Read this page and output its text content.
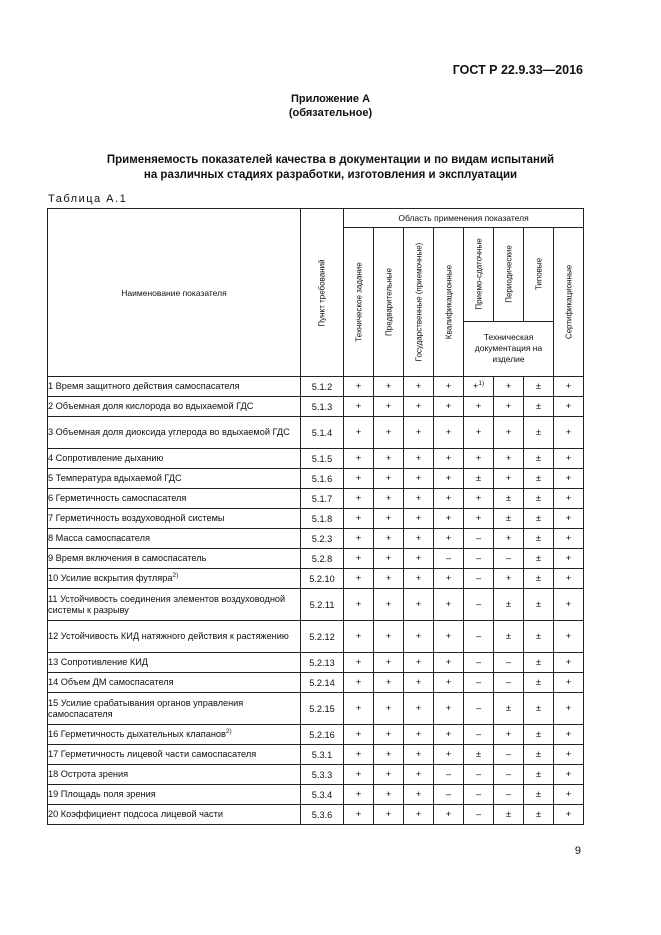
ГОСТ Р 22.9.33—2016
Приложение А
(обязательное)
Применяемость показателей качества в документации и по видам испытаний
на различных стадиях разработки, изготовления и эксплуатации
Таблица А.1
Наименование показателя	Пункт требований	Область применения показателя							

		Техническое задание	Предварительные	Государственные (приемочные)	Квалификационные	Приемо-сдаточные	Периодические	Типовые	Сертификационные

						Техническая документация на изделие			
1 Время защитного действия самоспасателя	5.1.2	+	+	+	+	+$^{1)}$	+	±	+
2 Объемная доля кислорода во вдыхаемой ГДС	5.1.3	+	+	+	+	+	+	±	+
3 Объемная доля диоксида углерода во вдыхаемой ГДС	5.1.4	+	+	+	+	+	+	±	+
4 Сопротивление дыханию	5.1.5	+	+	+	+	+	+	±	+
5 Температура вдыхаемой ГДС	5.1.6	+	+	+	+	±	+	±	+
6 Герметичность самоспасателя	5.1.7	+	+	+	+	+	±	±	+
7 Герметичность воздуховодной системы	5.1.8	+	+	+	+	+	±	±	+
8 Масса самоспасателя	5.2.3	+	+	+	+	–	+	±	+
9 Время включения в самоспасатель	5.2.8	+	+	+	–	–	–	±	+
10 Усилие вскрытия футляра$^{2)}$	5.2.10	+	+	+	+	–	+	±	+
11 Устойчивость соединения элементов воздуховодной системы к разрыву	5.2.11	+	+	+	+	–	±	±	+
12 Устойчивость КИД натяжного действия к растяжению	5.2.12	+	+	+	+	–	±	±	+
13 Сопротивление КИД	5.2.13	+	+	+	+	–	–	±	+
14 Объем ДМ самоспасателя	5.2.14	+	+	+	+	–	–	±	+
15 Усилие срабатывания органов управления самоспасателя	5.2.15	+	+	+	+	–	±	±	+
16 Герметичность дыхательных клапанов$^{2)}$	5.2.16	+	+	+	+	–	+	±	+
17 Герметичность лицевой части самоспасателя	5.3.1	+	+	+	+	±	–	±	+
18 Острота зрения	5.3.3	+	+	+	–	–	–	±	+
19 Площадь поля зрения	5.3.4	+	+	+	–	–	–	±	+
20 Коэффициент подсоса лицевой части	5.3.6	+	+	+	+	–	±	±	+
9
